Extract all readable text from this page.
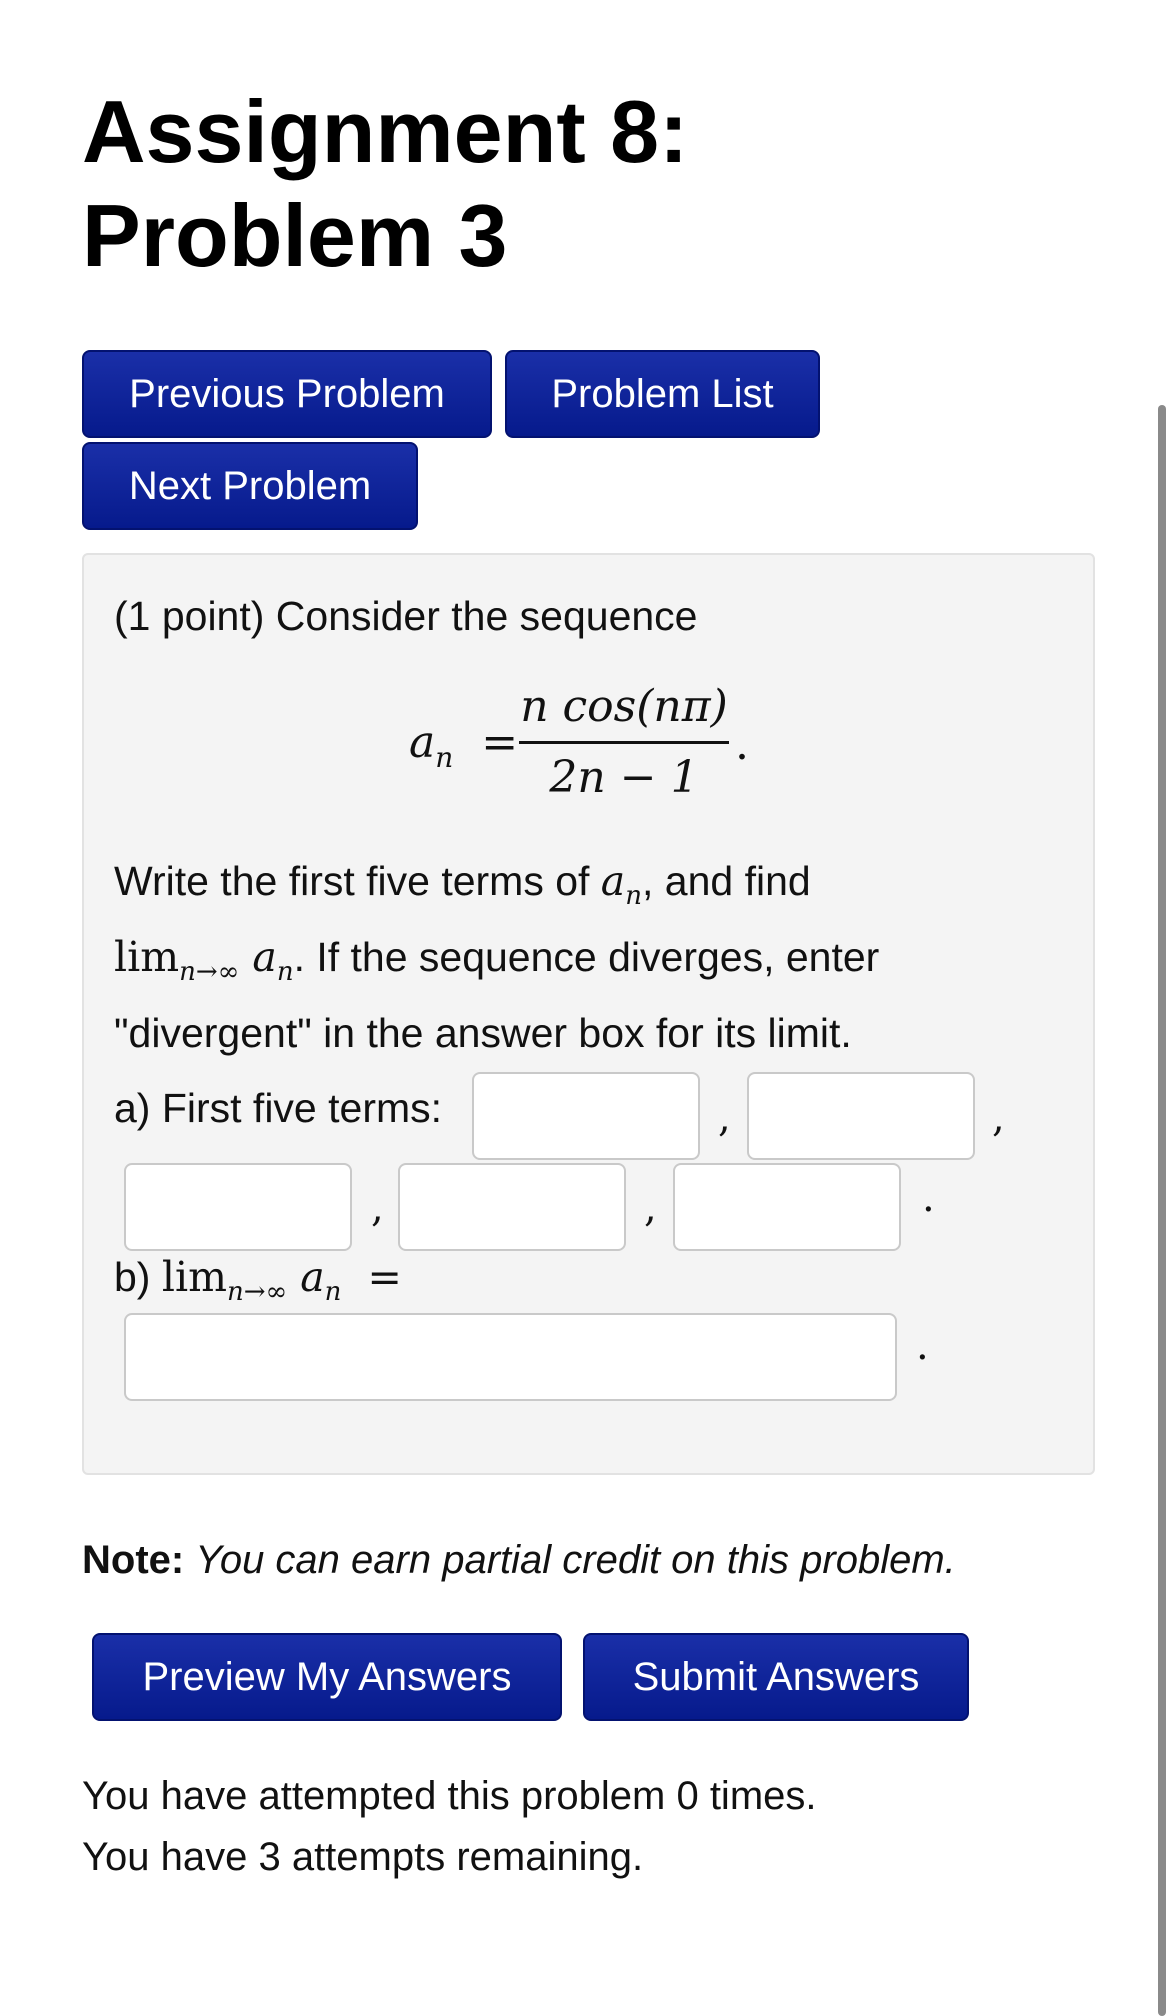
Assignment 8:
Problem 3
Previous Problem	Problem List
Next Problem
(1 point) Consider the sequence
$a_n$ =
n cos(nπ)
2n − 1
.
Write the first five terms of $a_n$, and find
$\lim_{n\to\infty} a_n$. If the sequence diverges, enter
"divergent" in the answer box for its limit.
a) First five terms:	,	,
,	,	.
b) $\lim_{n\to\infty} a_n$ =
.
Note: You can earn partial credit on this problem.
Preview My Answers	Submit Answers
You have attempted this problem 0 times.
You have 3 attempts remaining.
